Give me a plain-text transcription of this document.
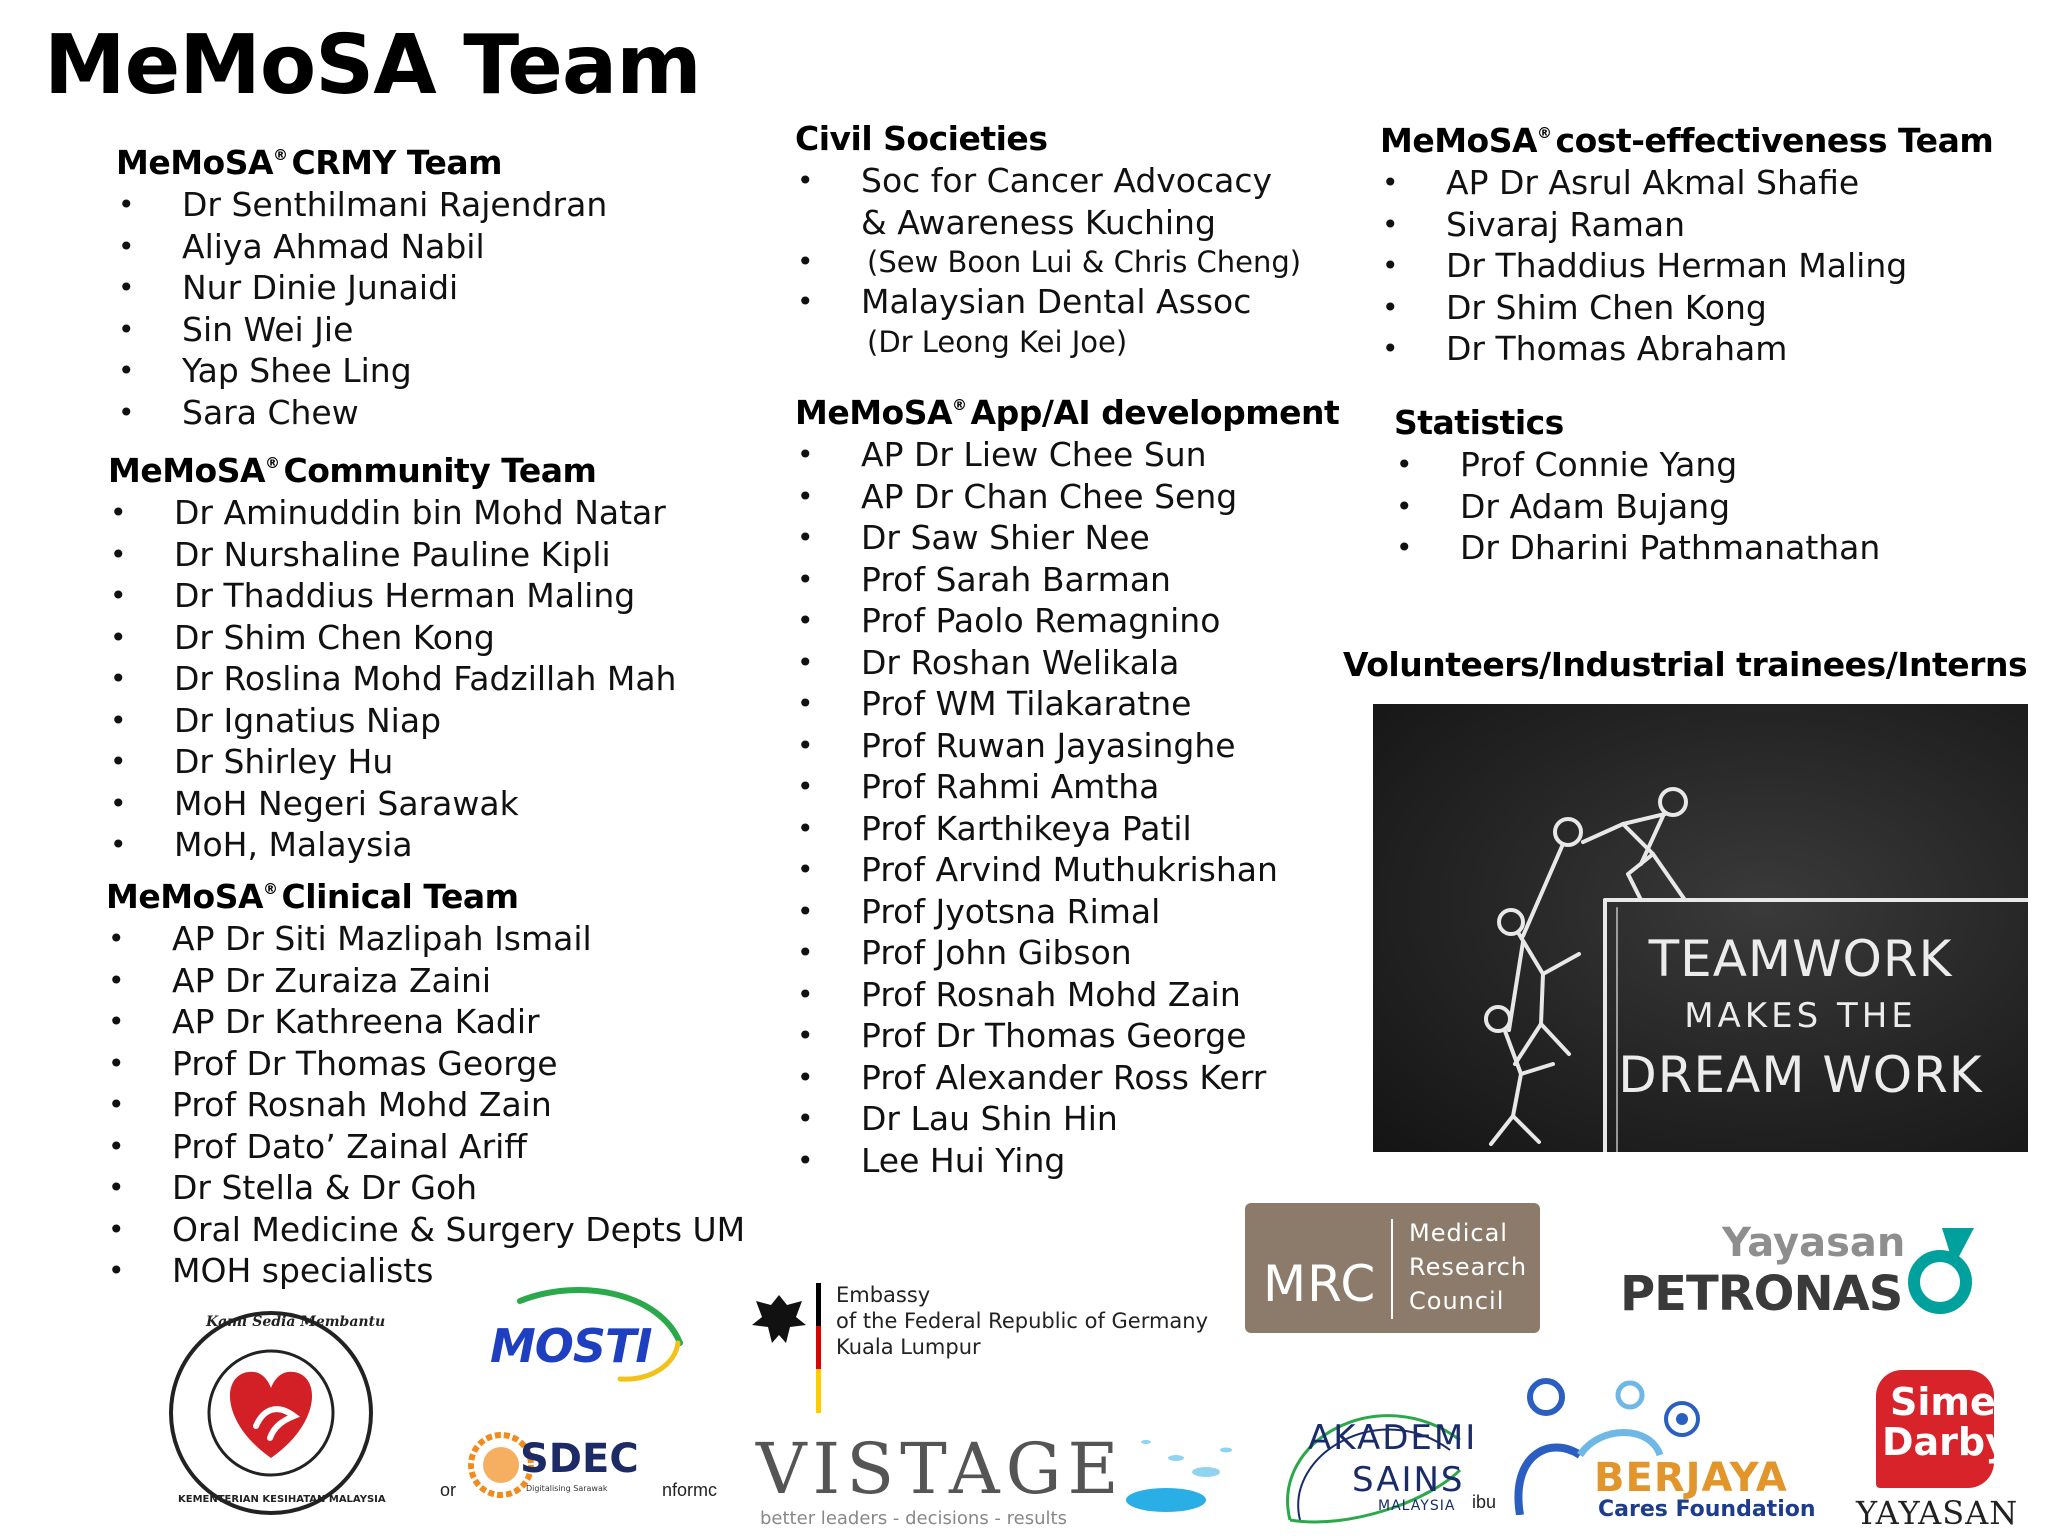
MeMoSA Team
MeMoSA® CRMY Team
• Dr Senthilmani Rajendran
• Aliya Ahmad Nabil
• Nur Dinie Junaidi
• Sin Wei Jie
• Yap Shee Ling
• Sara Chew
MeMoSA® Community Team
• Dr Aminuddin bin Mohd Natar
• Dr Nurshaline Pauline Kipli
• Dr Thaddius Herman Maling
• Dr Shim Chen Kong
• Dr Roslina Mohd Fadzillah Mah
• Dr Ignatius Niap
• Dr Shirley Hu
• MoH Negeri Sarawak
• MoH, Malaysia
MeMoSA® Clinical Team
• AP Dr Siti Mazlipah Ismail
• AP Dr Zuraiza Zaini
• AP Dr Kathreena Kadir
• Prof Dr Thomas George
• Prof Rosnah Mohd Zain
• Prof Dato’ Zainal Ariff
• Dr Stella & Dr Goh
• Oral Medicine & Surgery Depts UM
• MOH specialists
Civil Societies
• Soc for Cancer Advocacy
& Awareness Kuching
• (Sew Boon Lui & Chris Cheng)
• Malaysian Dental Assoc
(Dr Leong Kei Joe)
MeMoSA® App/AI development
• AP Dr Liew Chee Sun
• AP Dr Chan Chee Seng
• Dr Saw Shier Nee
• Prof Sarah Barman
• Prof Paolo Remagnino
• Dr Roshan Welikala
• Prof WM Tilakaratne
• Prof Ruwan Jayasinghe
• Prof Rahmi Amtha
• Prof Karthikeya Patil
• Prof Arvind Muthukrishan
• Prof Jyotsna Rimal
• Prof John Gibson
• Prof Rosnah Mohd Zain
• Prof Dr Thomas George
• Prof Alexander Ross Kerr
• Dr Lau Shin Hin
• Lee Hui Ying
MeMoSA® cost-effectiveness Team
• AP Dr Asrul Akmal Shafie
• Sivaraj Raman
• Dr Thaddius Herman Maling
• Dr Shim Chen Kong
• Dr Thomas Abraham
Statistics
• Prof Connie Yang
• Dr Adam Bujang
• Dr Dharini Pathmanathan
Volunteers/Industrial trainees/Interns
TEAMWORK
MAKES THE
DREAM WORK
Kami Sedia Membantu
KEMENTERIAN KESIHATAN MALAYSIA
MOSTI
Embassy
of the Federal Republic of Germany
Kuala Lumpur
MRC
Medical
Research
Council
Yayasan
PETRONAS
SDEC
Digitalising Sarawak
or	nformc VISTAGE
better leaders - decisions - results
AKADEMI
SAINS
MALAYSIA ibu
BERJAYA
Cares Foundation
Sime
Darby
YAYASAN
